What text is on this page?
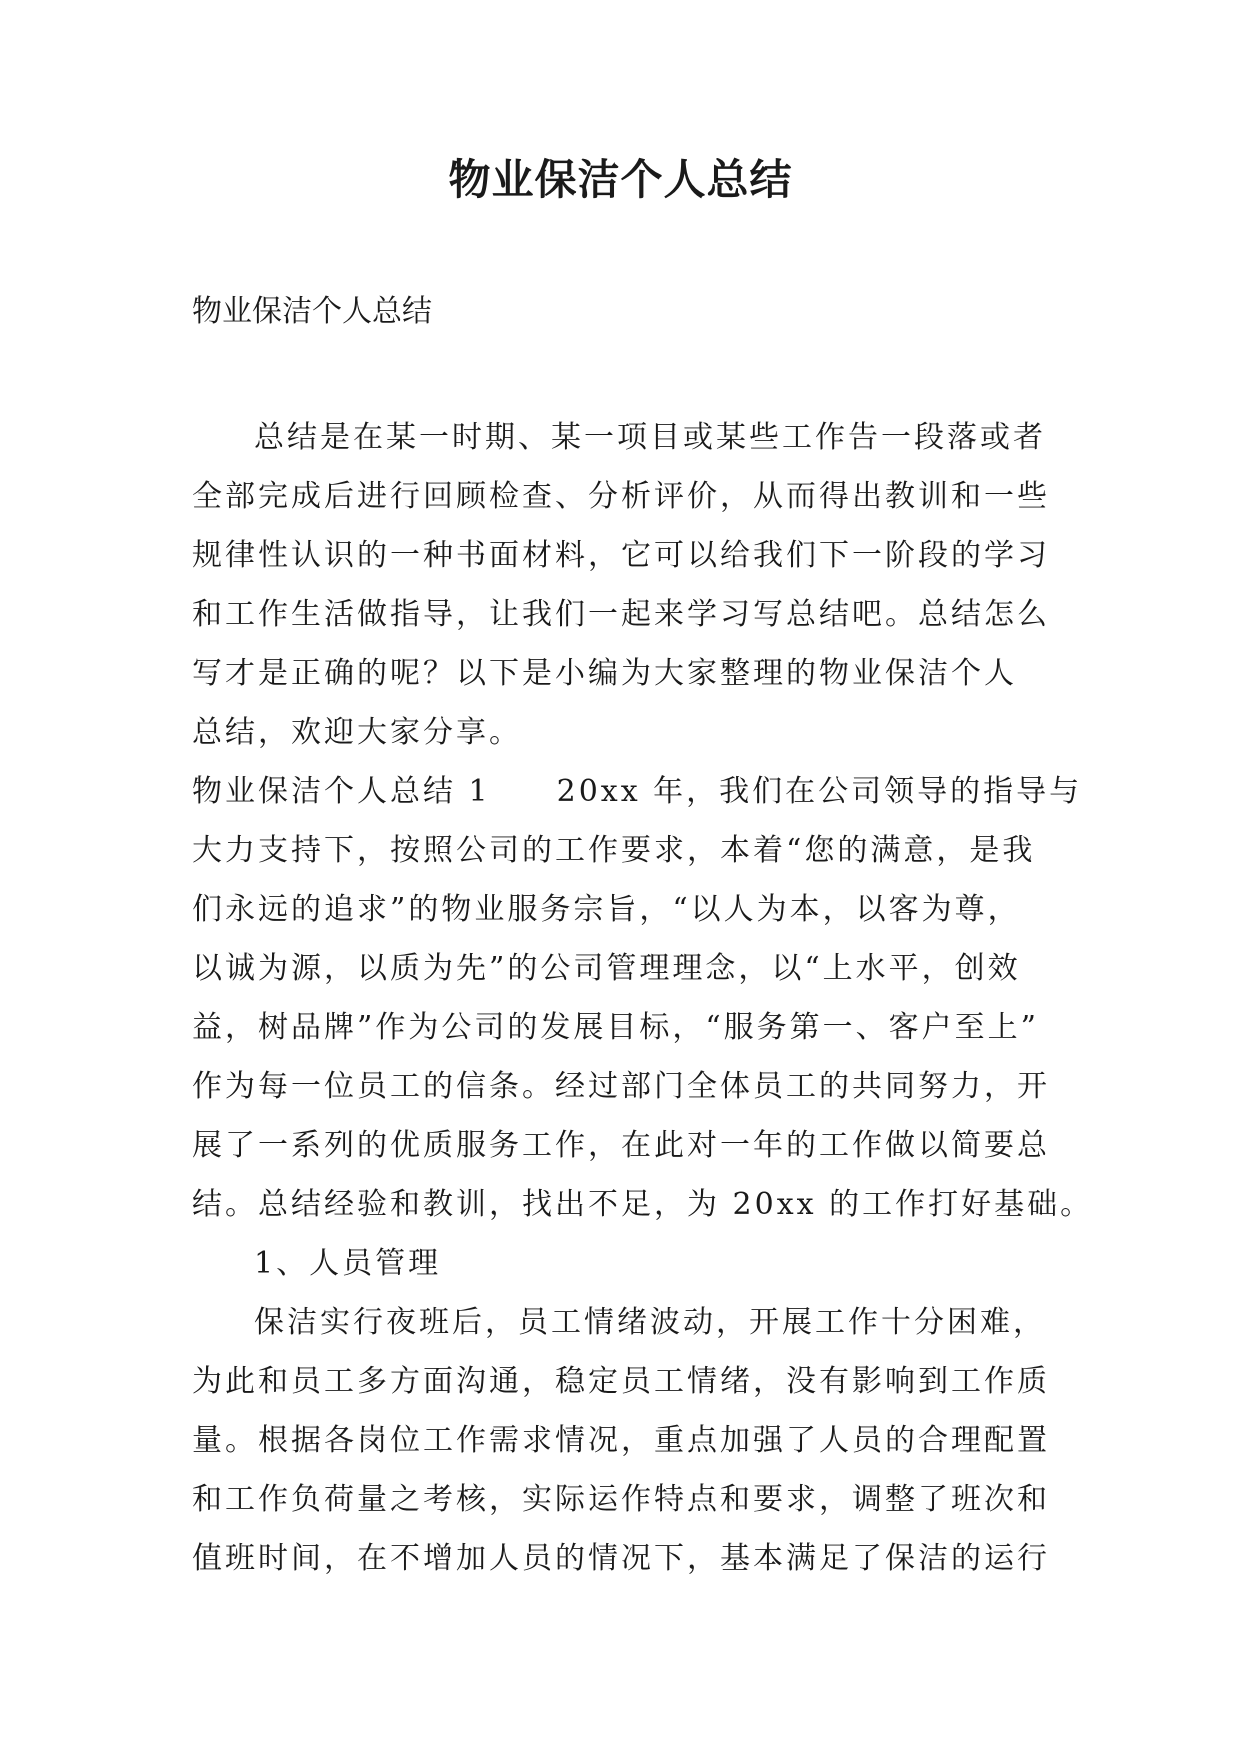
物业保洁个人总结

物业保洁个人总结

总结是在某一时期、某一项目或某些工作告一段落或者
全部完成后进行回顾检查、分析评价，从而得出教训和一些
规律性认识的一种书面材料，它可以给我们下一阶段的学习
和工作生活做指导，让我们一起来学习写总结吧。总结怎么
写才是正确的呢？以下是小编为大家整理的物业保洁个人
总结，欢迎大家分享。
物业保洁个人总结 1　　20xx 年，我们在公司领导的指导与
大力支持下，按照公司的工作要求，本着“您的满意，是我
们永远的追求”的物业服务宗旨，“以人为本，以客为尊，
以诚为源，以质为先”的公司管理理念，以“上水平，创效
益，树品牌”作为公司的发展目标，“服务第一、客户至上”
作为每一位员工的信条。经过部门全体员工的共同努力，开
展了一系列的优质服务工作，在此对一年的工作做以简要总
结。总结经验和教训，找出不足，为 20xx 的工作打好基础。
1、人员管理
保洁实行夜班后，员工情绪波动，开展工作十分困难，
为此和员工多方面沟通，稳定员工情绪，没有影响到工作质
量。根据各岗位工作需求情况，重点加强了人员的合理配置
和工作负荷量之考核，实际运作特点和要求，调整了班次和
值班时间，在不增加人员的情况下，基本满足了保洁的运行
